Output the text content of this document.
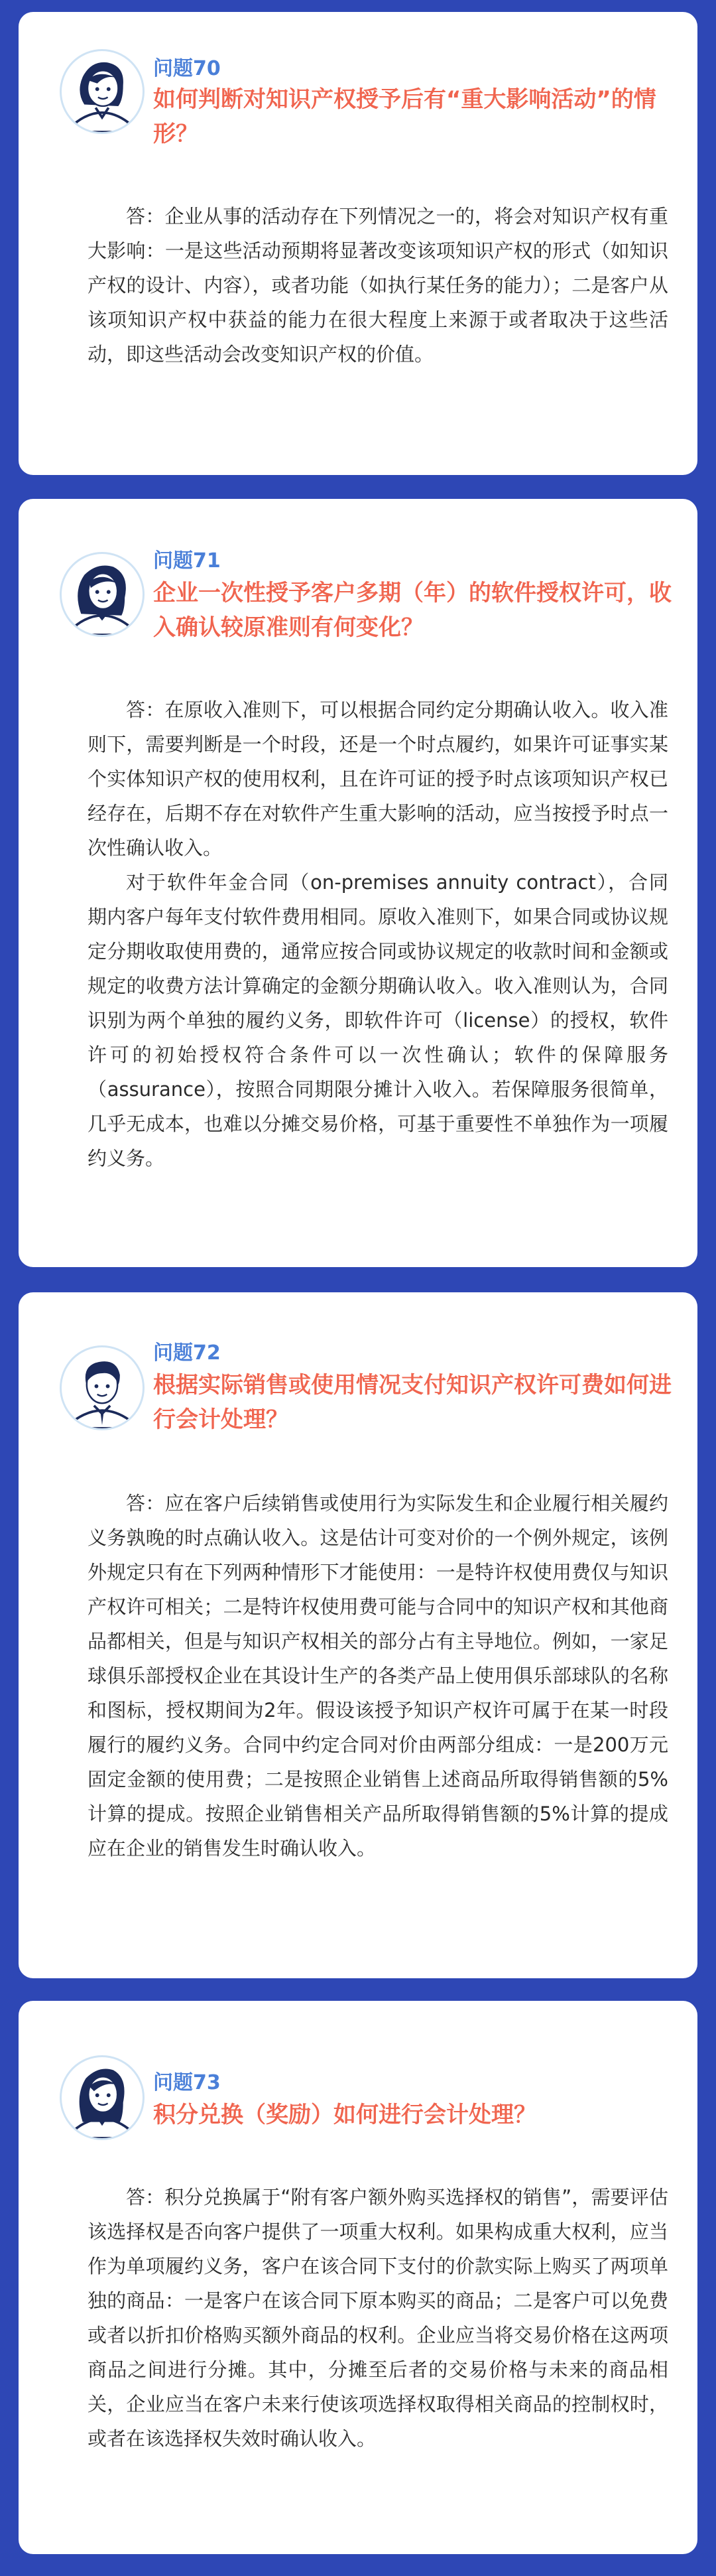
问题70
如何判断对知识产权授予后有“重大影响活动”的情形？

答：企业从事的活动存在下列情况之一的，将会对知识产权有重大影响：一是这些活动预期将显著改变该项知识产权的形式（如知识产权的设计、内容），或者功能（如执行某任务的能力）；二是客户从该项知识产权中获益的能力在很大程度上来源于或者取决于这些活动，即这些活动会改变知识产权的价值。

问题71
企业一次性授予客户多期（年）的软件授权许可，收入确认较原准则有何变化？

答：在原收入准则下，可以根据合同约定分期确认收入。收入准则下，需要判断是一个时段，还是一个时点履约，如果许可证事实某个实体知识产权的使用权利，且在许可证的授予时点该项知识产权已经存在，后期不存在对软件产生重大影响的活动，应当按授予时点一次性确认收入。

对于软件年金合同（on-premises annuity contract），合同期内客户每年支付软件费用相同。原收入准则下，如果合同或协议规定分期收取使用费的，通常应按合同或协议规定的收款时间和金额或规定的收费方法计算确定的金额分期确认收入。收入准则认为，合同识别为两个单独的履约义务，即软件许可（license）的授权，软件许可的初始授权符合条件可以一次性确认；软件的保障服务（assurance），按照合同期限分摊计入收入。若保障服务很简单，几乎无成本，也难以分摊交易价格，可基于重要性不单独作为一项履约义务。

问题72
根据实际销售或使用情况支付知识产权许可费如何进行会计处理？

答：应在客户后续销售或使用行为实际发生和企业履行相关履约义务孰晚的时点确认收入。这是估计可变对价的一个例外规定，该例外规定只有在下列两种情形下才能使用：一是特许权使用费仅与知识产权许可相关；二是特许权使用费可能与合同中的知识产权和其他商品都相关，但是与知识产权相关的部分占有主导地位。例如，一家足球俱乐部授权企业在其设计生产的各类产品上使用俱乐部球队的名称和图标，授权期间为2年。假设该授予知识产权许可属于在某一时段履行的履约义务。合同中约定合同对价由两部分组成：一是200万元固定金额的使用费；二是按照企业销售上述商品所取得销售额的5%计算的提成。按照企业销售相关产品所取得销售额的5%计算的提成应在企业的销售发生时确认收入。

问题73
积分兑换（奖励）如何进行会计处理？

答：积分兑换属于“附有客户额外购买选择权的销售”，需要评估该选择权是否向客户提供了一项重大权利。如果构成重大权利，应当作为单项履约义务，客户在该合同下支付的价款实际上购买了两项单独的商品：一是客户在该合同下原本购买的商品；二是客户可以免费或者以折扣价格购买额外商品的权利。企业应当将交易价格在这两项商品之间进行分摊。其中，分摊至后者的交易价格与未来的商品相关，企业应当在客户未来行使该项选择权取得相关商品的控制权时，或者在该选择权失效时确认收入。
